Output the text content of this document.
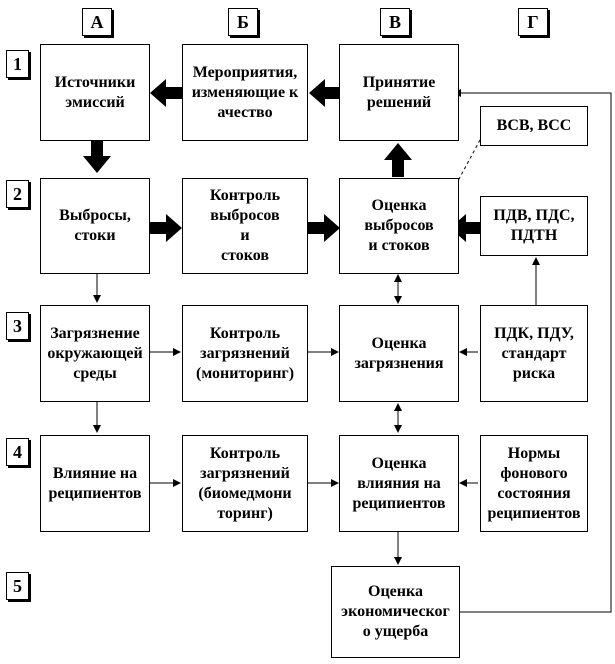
А	Б	В	Г
1
2
3
4
5
Источники
эмиссий
Мероприятия, изменяющие качество
Принятие
решений
ВСВ, ВСС
Выбросы,
стоки
Контроль
выбросов
и
стоков
Оценка
выбросов
и стоков
ПДВ, ПДС,
ПДТН
Загрязнение окружающей среды
Контроль
загрязнений
(мониторинг)
Оценка
загрязнения
ПДК, ПДУ,
стандарт
риска
Влияние на
реципиентов
Контроль
загрязнений
(биомедмони
торинг)
Оценка
влияния на
реципиентов
Нормы
фонового
состояния
реципиентов
Оценка
экономическог
о ущерба
